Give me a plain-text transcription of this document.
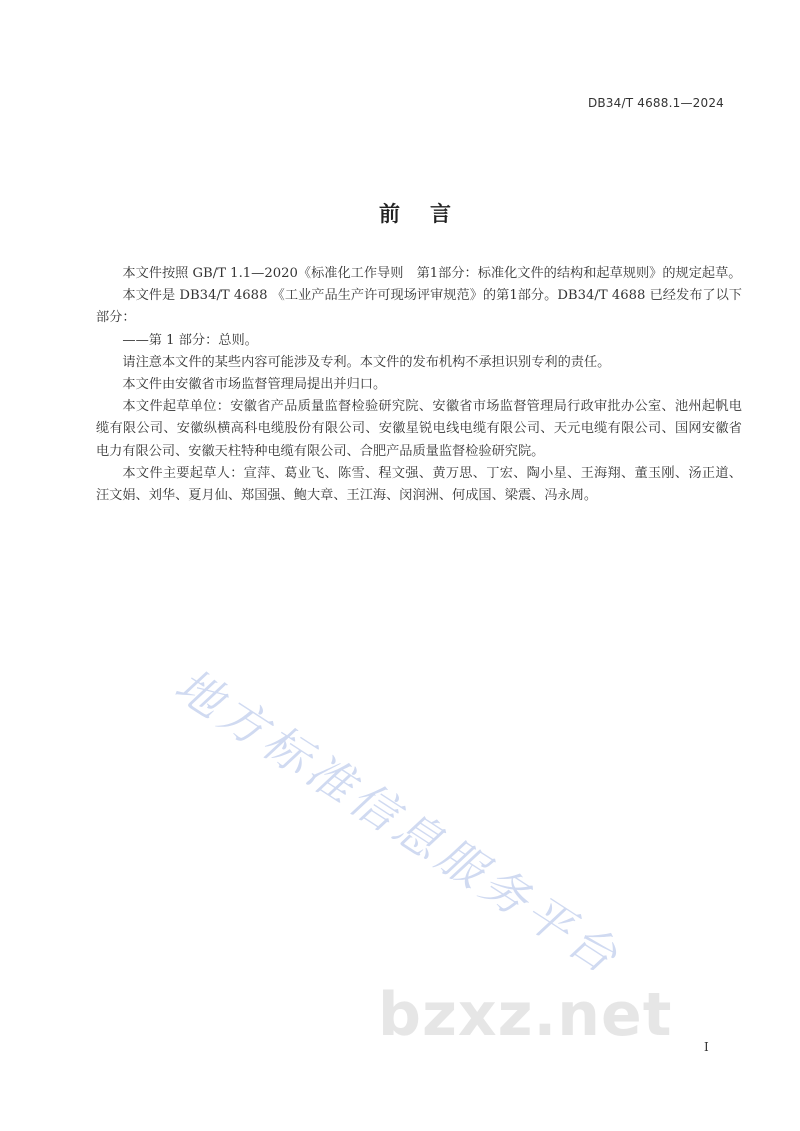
DB34/T 4688.1—2024
前言

本文件按照 GB/T 1.1—2020《标准化工作导则　第1部分：标准化文件的结构和起草规则》的规定起草。

本文件是 DB34/T 4688 《工业产品生产许可现场评审规范》的第1部分。DB34/T 4688 已经发布了以下部分：

——第 1 部分：总则。

请注意本文件的某些内容可能涉及专利。本文件的发布机构不承担识别专利的责任。

本文件由安徽省市场监督管理局提出并归口。

本文件起草单位：安徽省产品质量监督检验研究院、安徽省市场监督管理局行政审批办公室、池州起帆电缆有限公司、安徽纵横高科电缆股份有限公司、安徽星锐电线电缆有限公司、天元电缆有限公司、国网安徽省电力有限公司、安徽天柱特种电缆有限公司、合肥产品质量监督检验研究院。

本文件主要起草人：宣萍、葛业飞、陈雪、程文强、黄万思、丁宏、陶小星、王海翔、董玉刚、汤正道、汪文娟、刘华、夏月仙、郑国强、鲍大章、王江海、闵润洲、何成国、梁震、冯永周。

地方标准信息服务平台
bzxz.net	I
